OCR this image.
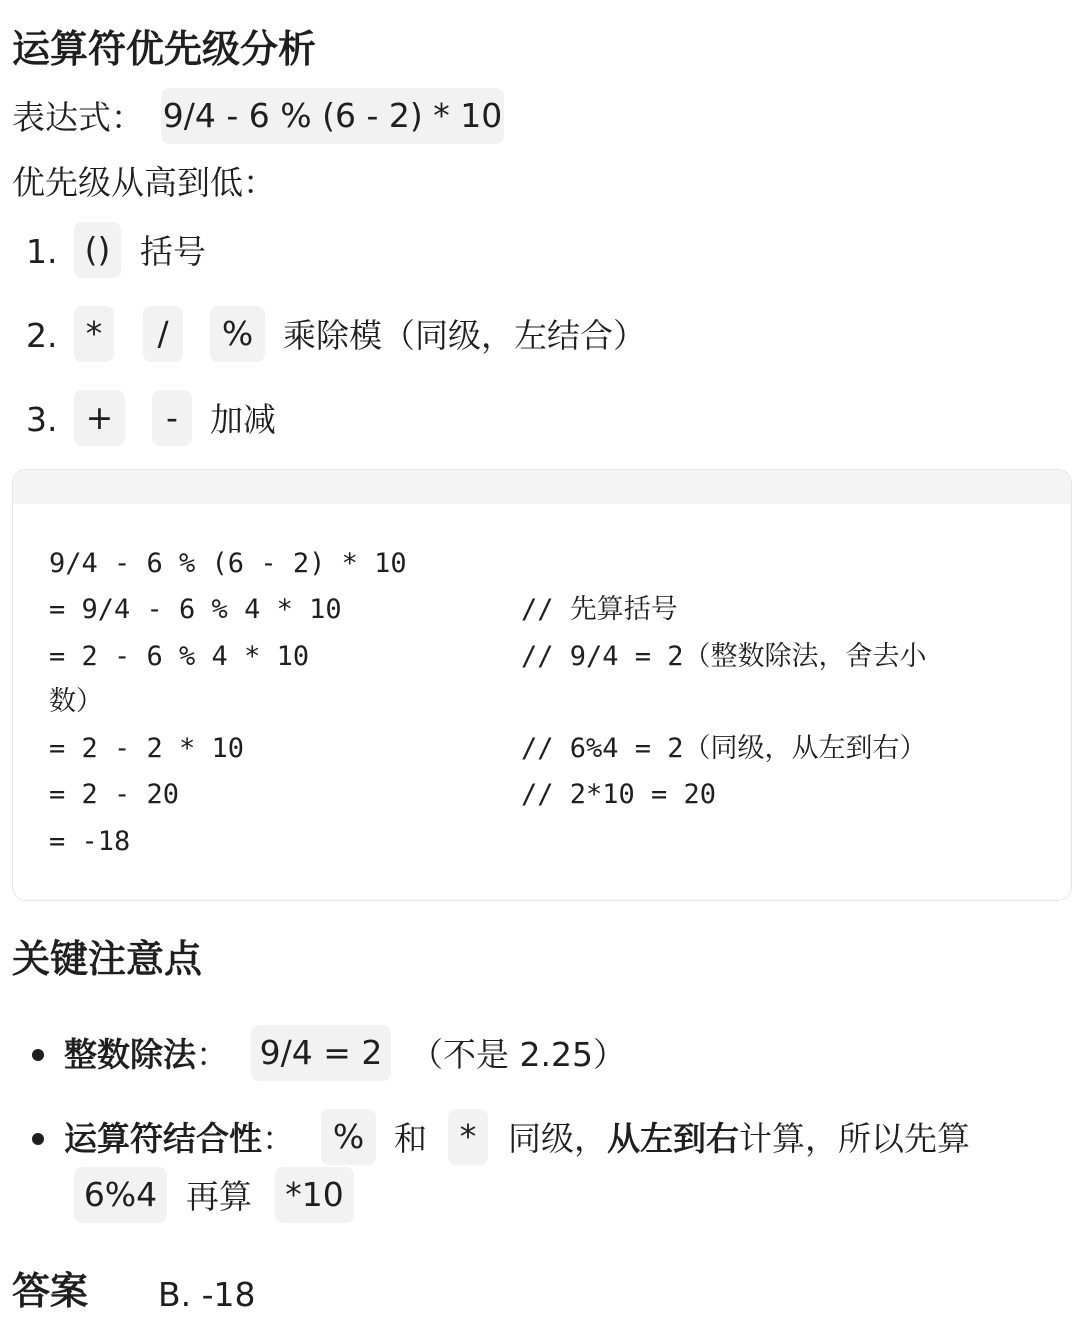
运算符优先级分析
表达式： 9/4 - 6 % (6 - 2) * 10
优先级从高到低：
1. () 括号
2. *	/	% 乘除模（同级，左结合）
3. +	- 加减
9/4 - 6 % (6 - 2) * 10
= 9/4 - 6 % 4 * 10	// 先算括号
= 2 - 6 % 4 * 10	// 9/4 = 2（整数除法，舍去小
数）
= 2 - 2 * 10	// 6%4 = 2（同级，从左到右）
= 2 - 20	// 2*10 = 20
= -18
关键注意点
整数除法： 9/4 = 2 （不是 2.25）
运算符结合性：	% 和 * 同级，从左到右计算，所以先算
6%4 再算	*10
答案 B. -18
